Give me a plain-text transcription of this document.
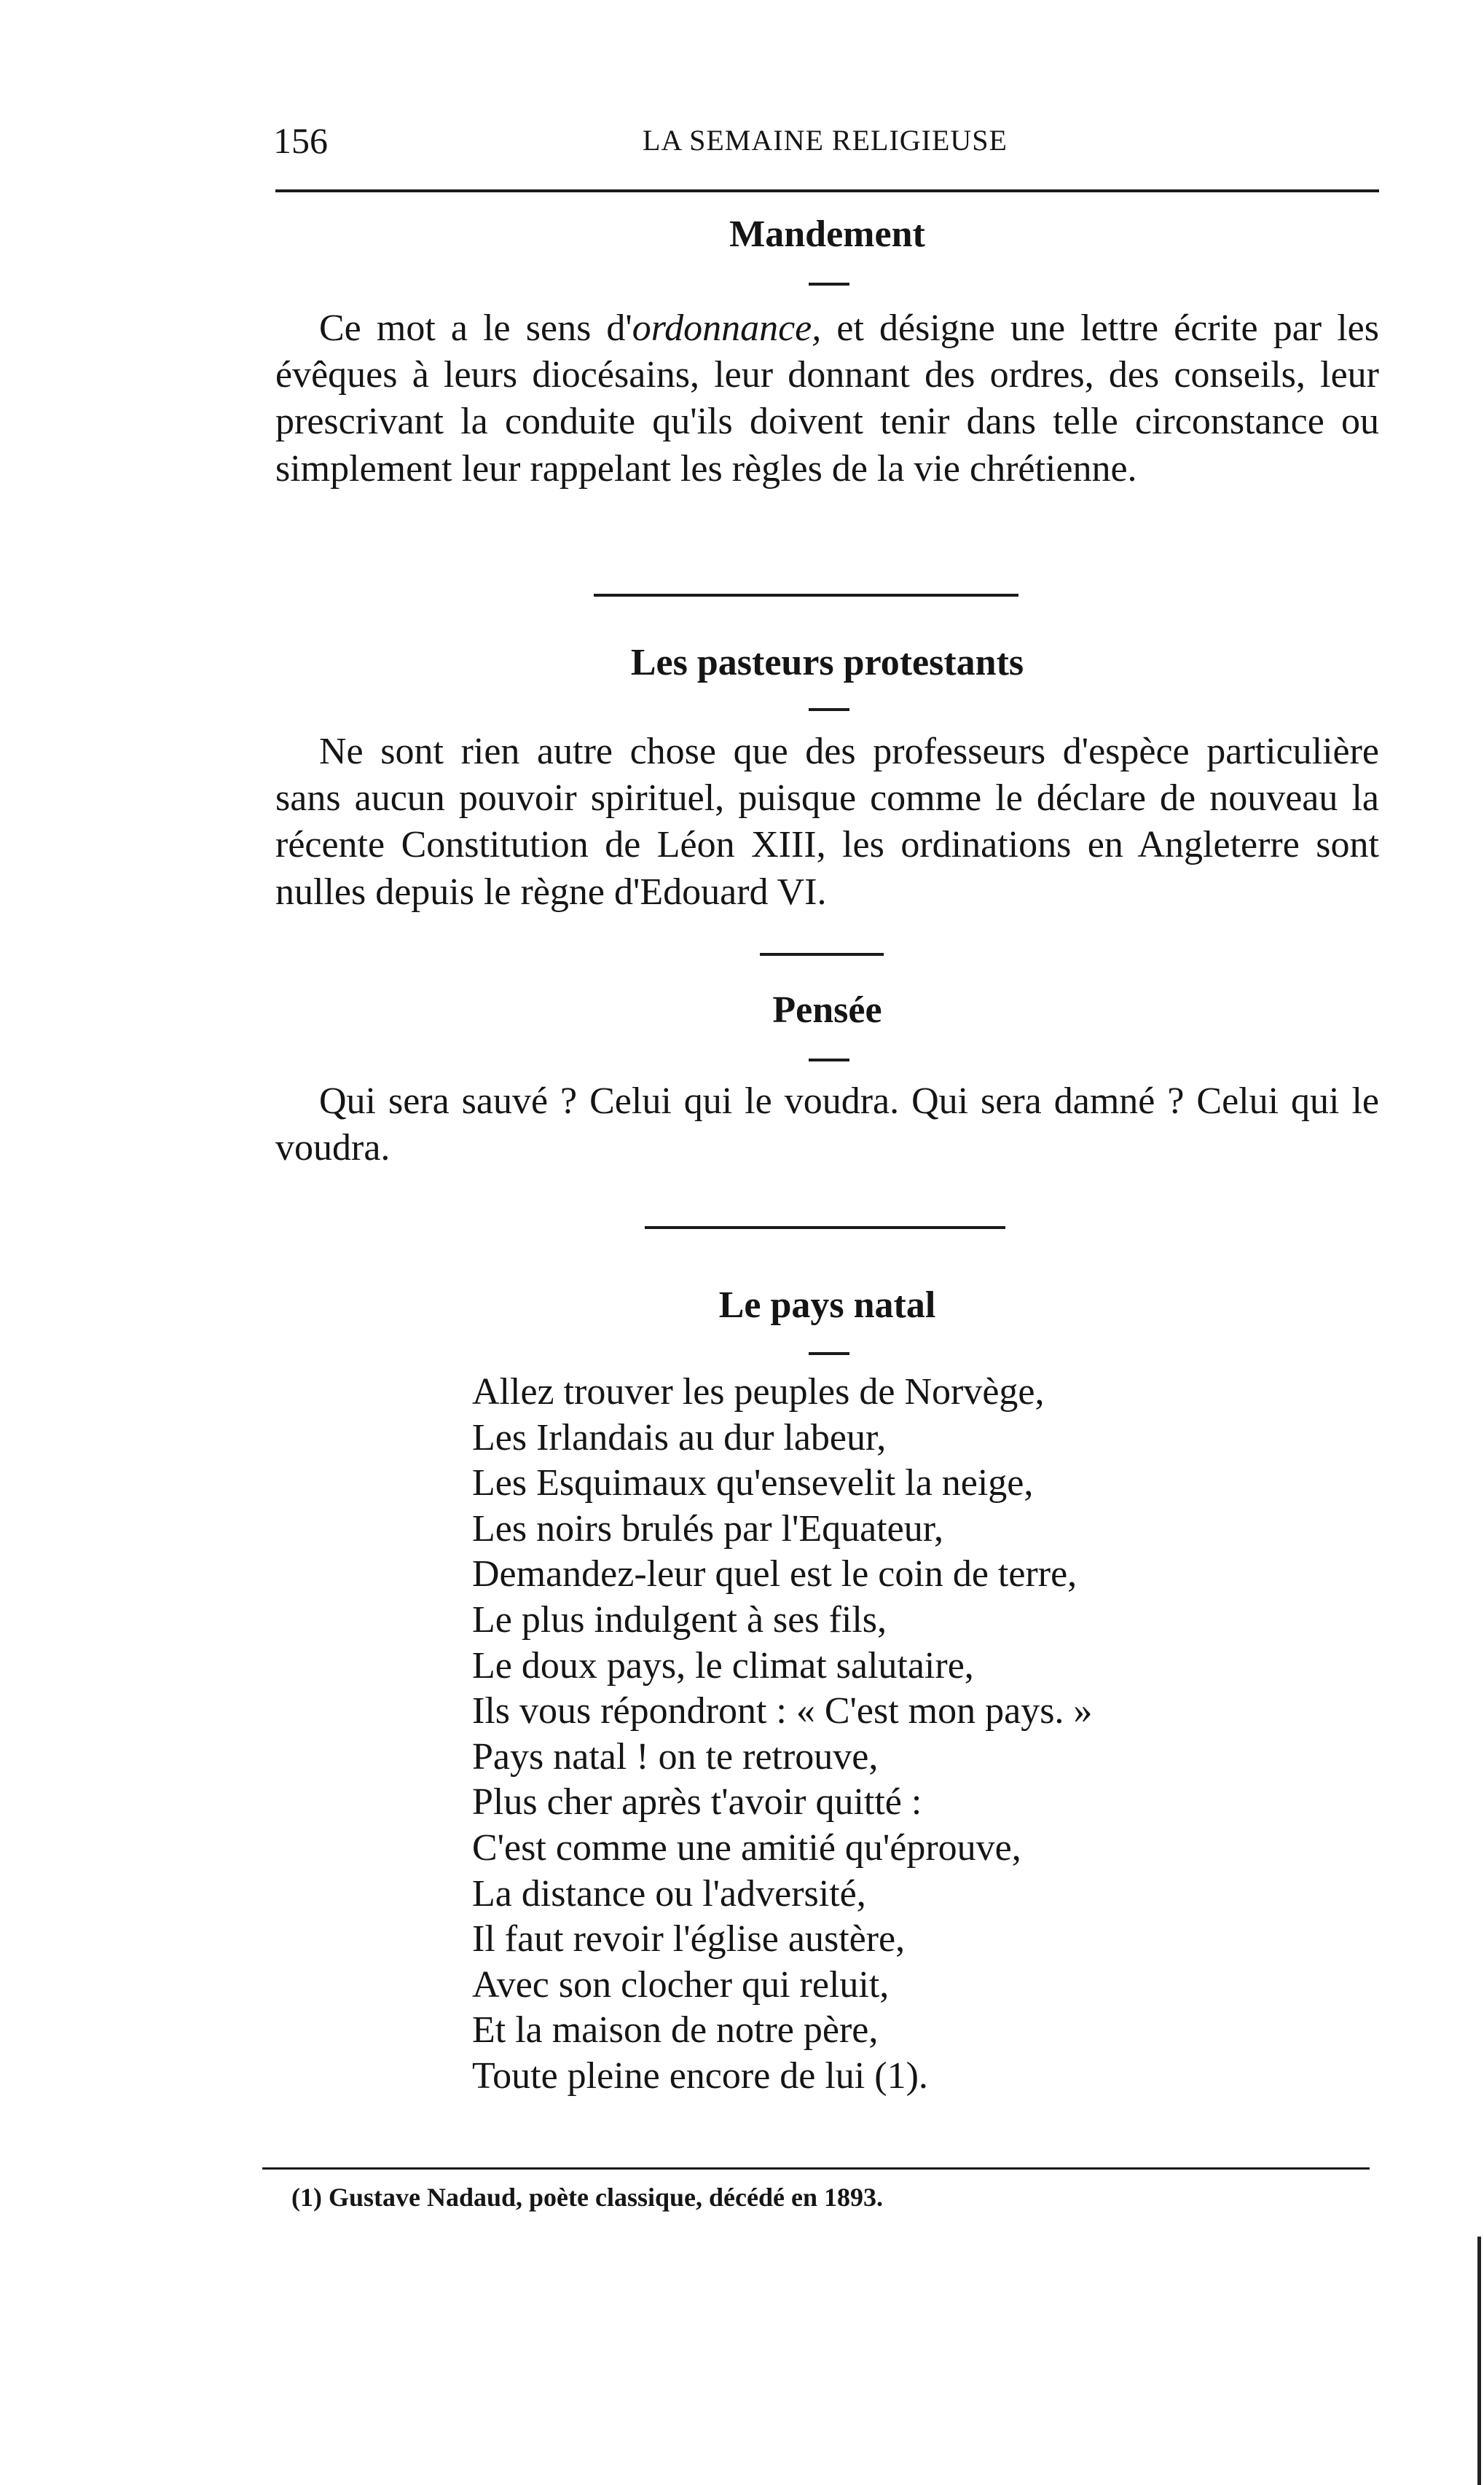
156	LA SEMAINE RELIGIEUSE
Mandement

Ce mot a le sens d'ordonnance, et désigne une lettre écrite par les évêques à leurs diocésains, leur donnant des ordres, des conseils, leur prescrivant la conduite qu'ils doivent tenir dans telle circonstance ou simplement leur rappelant les règles de la vie chrétienne.

Les pasteurs protestants

Ne sont rien autre chose que des professeurs d'espèce particulière sans aucun pouvoir spirituel, puisque comme le déclare de nouveau la récente Constitution de Léon XIII, les ordinations en Angleterre sont nulles depuis le règne d'Edouard VI.

Pensée

Qui sera sauvé ? Celui qui le voudra. Qui sera damné ? Celui qui le voudra.

Le pays natal
Allez trouver les peuples de Norvège,
Les Irlandais au dur labeur,
Les Esquimaux qu'ensevelit la neige,
Les noirs brulés par l'Equateur,
Demandez-leur quel est le coin de terre,
Le plus indulgent à ses fils,
Le doux pays, le climat salutaire,
Ils vous répondront : « C'est mon pays. »
Pays natal ! on te retrouve,
Plus cher après t'avoir quitté :
C'est comme une amitié qu'éprouve,
La distance ou l'adversité,
Il faut revoir l'église austère,
Avec son clocher qui reluit,
Et la maison de notre père,
Toute pleine encore de lui (1).
(1) Gustave Nadaud, poète classique, décédé en 1893.
